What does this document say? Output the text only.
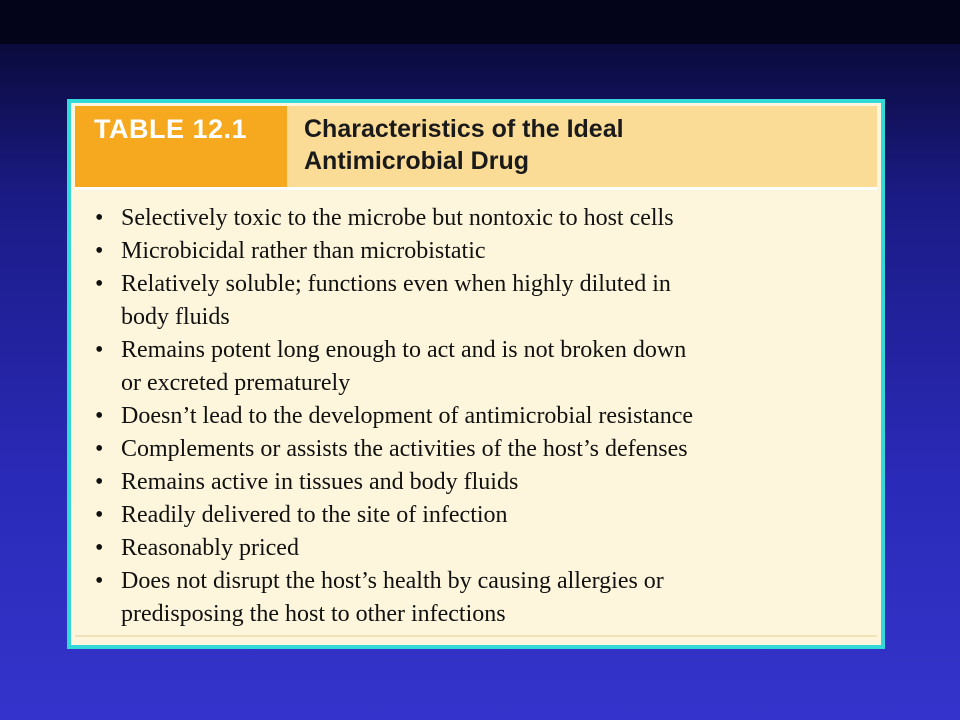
TABLE 12.1 Characteristics of the Ideal
Antimicrobial Drug
• Selectively toxic to the microbe but nontoxic to host cells
• Microbicidal rather than microbistatic
• Relatively soluble; functions even when highly diluted in
body fluids
• Remains potent long enough to act and is not broken down
or excreted prematurely
• Doesn’t lead to the development of antimicrobial resistance
• Complements or assists the activities of the host’s defenses
• Remains active in tissues and body fluids
• Readily delivered to the site of infection
• Reasonably priced
• Does not disrupt the host’s health by causing allergies or
predisposing the host to other infections
